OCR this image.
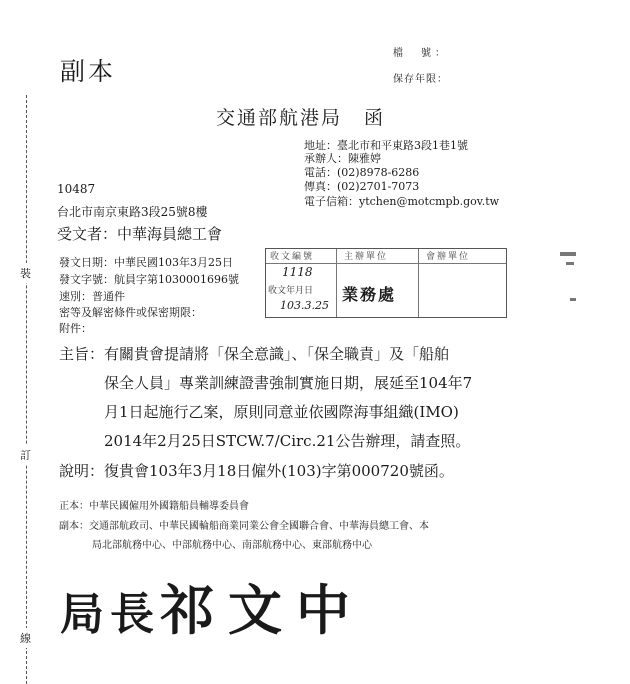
副本
檔　號：
保存年限：
交通部航港局 函
地址：臺北市和平東路3段1巷1號
承辦人：陳雅婷
電話：(02)8978-6286
傳真：(02)2701-7073
電子信箱：ytchen@motcmpb.gov.tw
10487
台北市南京東路3段25號8樓
受文者：中華海員總工會
發文日期：中華民國103年3月25日
發文字號：航員字第1030001696號
速別：普通件
密等及解密條件或保密期限：
附件：
收文編號	主辦單位	會辦單位
1118
收文年月日
103.3.25
業務處
主旨：有關貴會提請將「保全意識」、「保全職責」及「船舶
保全人員」專業訓練證書強制實施日期，展延至104年7
月1日起施行乙案，原則同意並依國際海事組織(IMO)
2014年2月25日STCW.7/Circ.21公告辦理，請查照。
說明：復貴會103年3月18日僱外(103)字第000720號函。
正本：中華民國僱用外國籍船員輔導委員會
副本：交通部航政司、中華民國輪船商業同業公會全國聯合會、中華海員總工會、本
局北部航務中心、中部航務中心、南部航務中心、東部航務中心
裝
訂
線 局長祁文中
